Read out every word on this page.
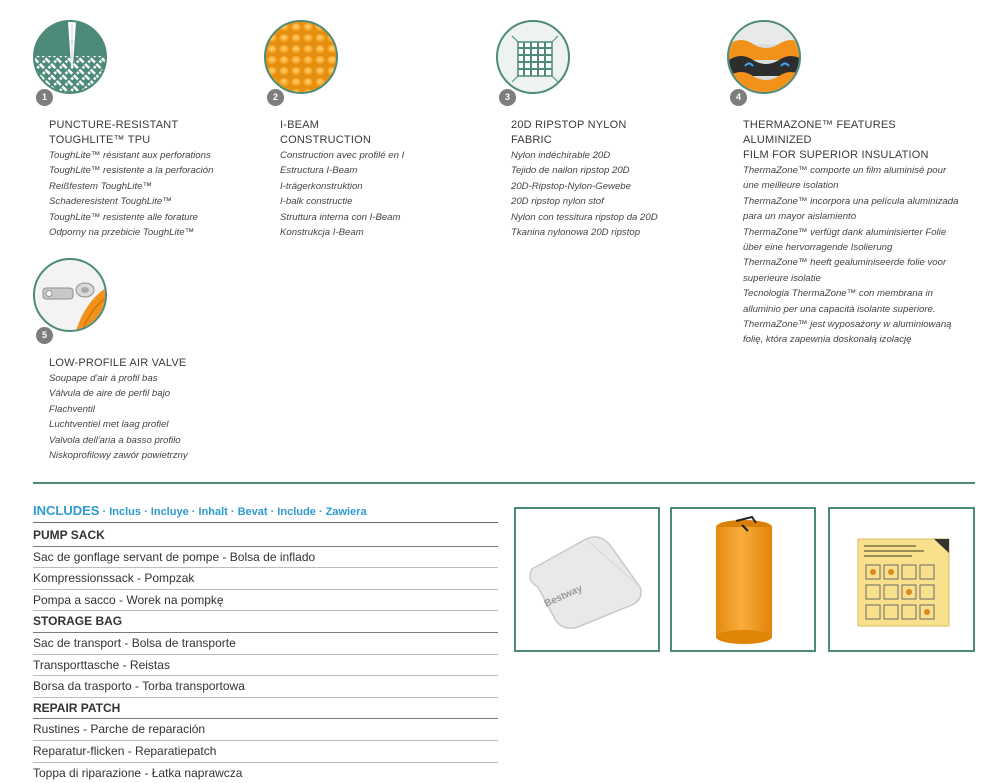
1
PUNCTURE-RESISTANT
TOUGHLITE™ TPU
ToughLite™ résistant aux perforations
ToughLite™ resistente a la perforación
Reißfestem ToughLite™
Schaderesistent ToughLite™
ToughLite™ resistente alle forature
Odporny na przebicie ToughLite™
2
I-BEAM CONSTRUCTION
Construction avec profilé en I
Estructura I-Beam
I-trägerkonstruktion
I-balk constructie
Struttura interna con I-Beam
Konstrukcja I-Beam
3
20D RIPSTOP NYLON FABRIC
Nylon indéchirable 20D
Tejido de nailon ripstop 20D
20D-Ripstop-Nylon-Gewebe
20D ripstop nylon stof
Nylon con tessitura ripstop da 20D
Tkanina nylonowa 20D ripstop
4
THERMAZONE™ FEATURES ALUMINIZED
FILM FOR SUPERIOR INSULATION
ThermaZone™ comporte un film aluminisé pour
une meilleure isolation
ThermaZone™ incorpora una película aluminizada
para un mayor aislamiento
ThermaZone™ verfügt dank aluminisierter Folie
über eine hervorragende Isolierung
ThermaZone™ heeft gealuminiseerde folie voor
superieure isolatie
Tecnologia ThermaZone™ con membrana in
alluminio per una capacità isolante superiore.
ThermaZone™ jest wyposażony w aluminiowaną
folię, która zapewnia doskonałą izolację
5
LOW-PROFILE AIR VALVE
Soupape d'air à profil bas
Válvula de aire de perfil bajo
Flachventil
Luchtventiel met laag profiel
Valvola dell'aria a basso profilo
Niskoprofilowy zawór powietrzny
INCLUDES · Inclus · Incluye · Inhalt · Bevat · Include · Zawiera
PUMP SACK
Sac de gonflage servant de pompe - Bolsa de inflado
Kompressionssack - Pompzak
Pompa a sacco - Worek na pompkę
STORAGE BAG
Sac de transport - Bolsa de transporte
Transporttasche - Reistas
Borsa da trasporto - Torba transportowa
REPAIR PATCH
Rustines - Parche de reparación
Reparatur-flicken - Reparatiepatch
Toppa di riparazione - Łatka naprawcza
Bestway
